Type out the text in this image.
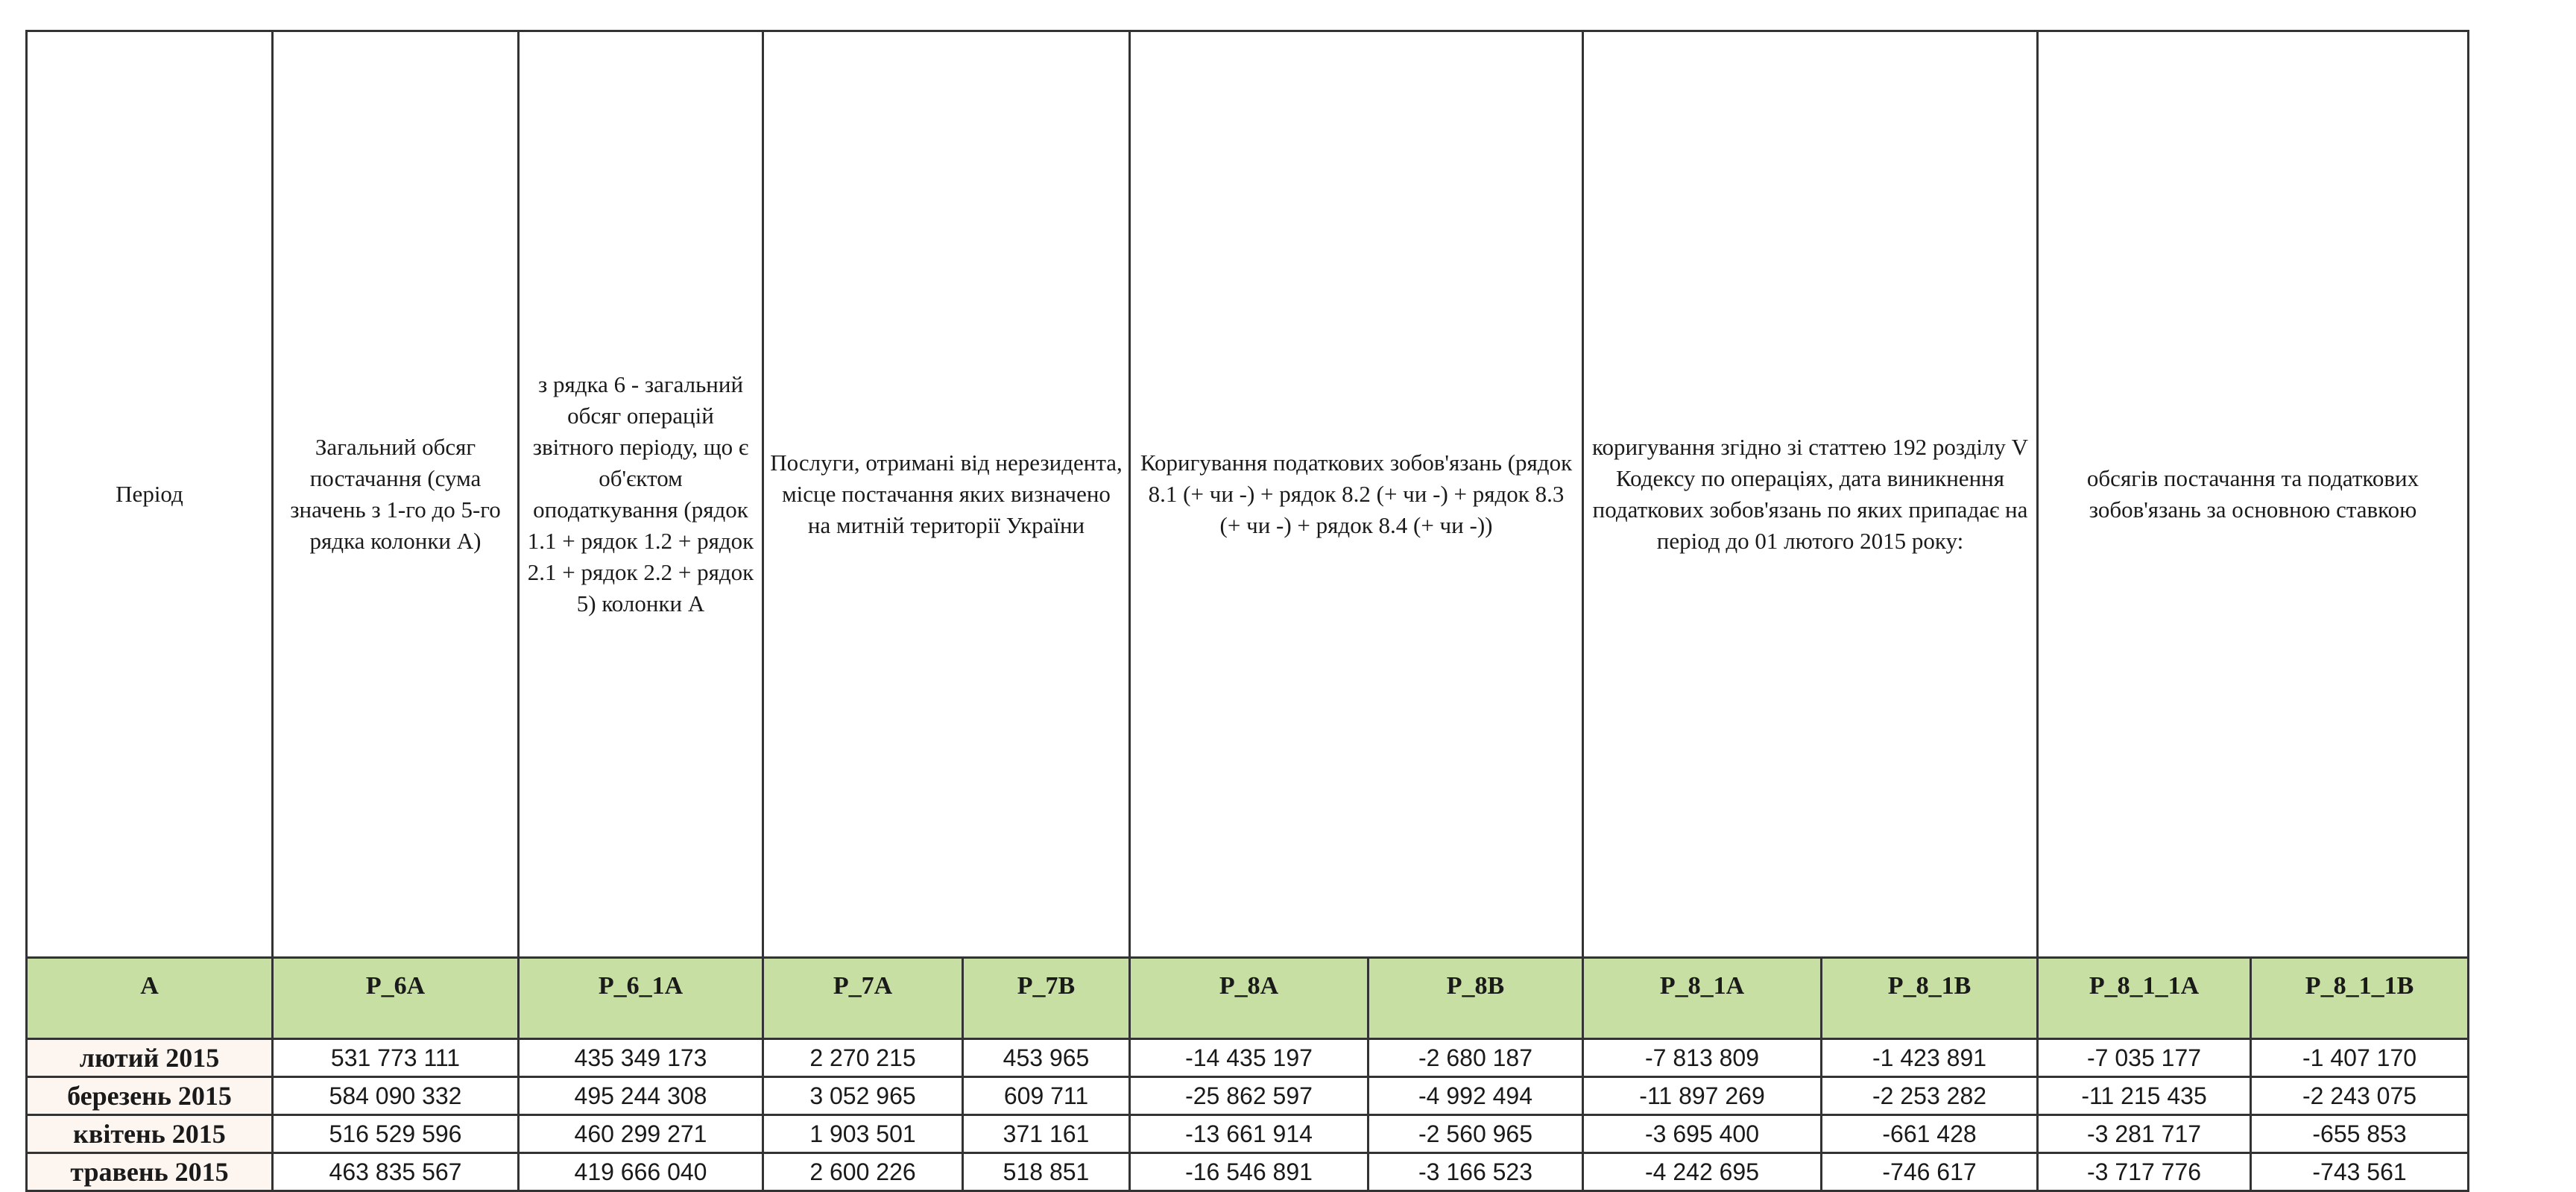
Період	Загальний обсяг постачання (сума значень з 1-го до 5-го рядка колонки А)	з рядка 6 - загальний обсяг операцій звітного періоду, що є об'єктом оподаткування (рядок 1.1 + рядок 1.2 + рядок 2.1 + рядок 2.2 + рядок 5) колонки А	Послуги, отримані від нерезидента, місце постачання яких визначено на митній території України		Коригування податкових зобов'язань (рядок 8.1 (+ чи -) + рядок 8.2 (+ чи -) + рядок 8.3 (+ чи -) + рядок 8.4 (+ чи -))		коригування згідно зі статтею 192 розділу V Кодексу по операціях, дата виникнення податкових зобов'язань по яких припадає на період до 01 лютого 2015 року:		обсягів постачання та податкових зобов'язань за основною ставкою	
А	Р_6А	Р_6_1А	Р_7А	Р_7В	Р_8А	Р_8В	Р_8_1А	Р_8_1В	Р_8_1_1А	Р_8_1_1В
лютий 2015	531 773 111	435 349 173	2 270 215	453 965	-14 435 197	-2 680 187	-7 813 809	-1 423 891	-7 035 177	-1 407 170
березень 2015	584 090 332	495 244 308	3 052 965	609 711	-25 862 597	-4 992 494	-11 897 269	-2 253 282	-11 215 435	-2 243 075
квітень 2015	516 529 596	460 299 271	1 903 501	371 161	-13 661 914	-2 560 965	-3 695 400	-661 428	-3 281 717	-655 853
травень 2015	463 835 567	419 666 040	2 600 226	518 851	-16 546 891	-3 166 523	-4 242 695	-746 617	-3 717 776	-743 561
